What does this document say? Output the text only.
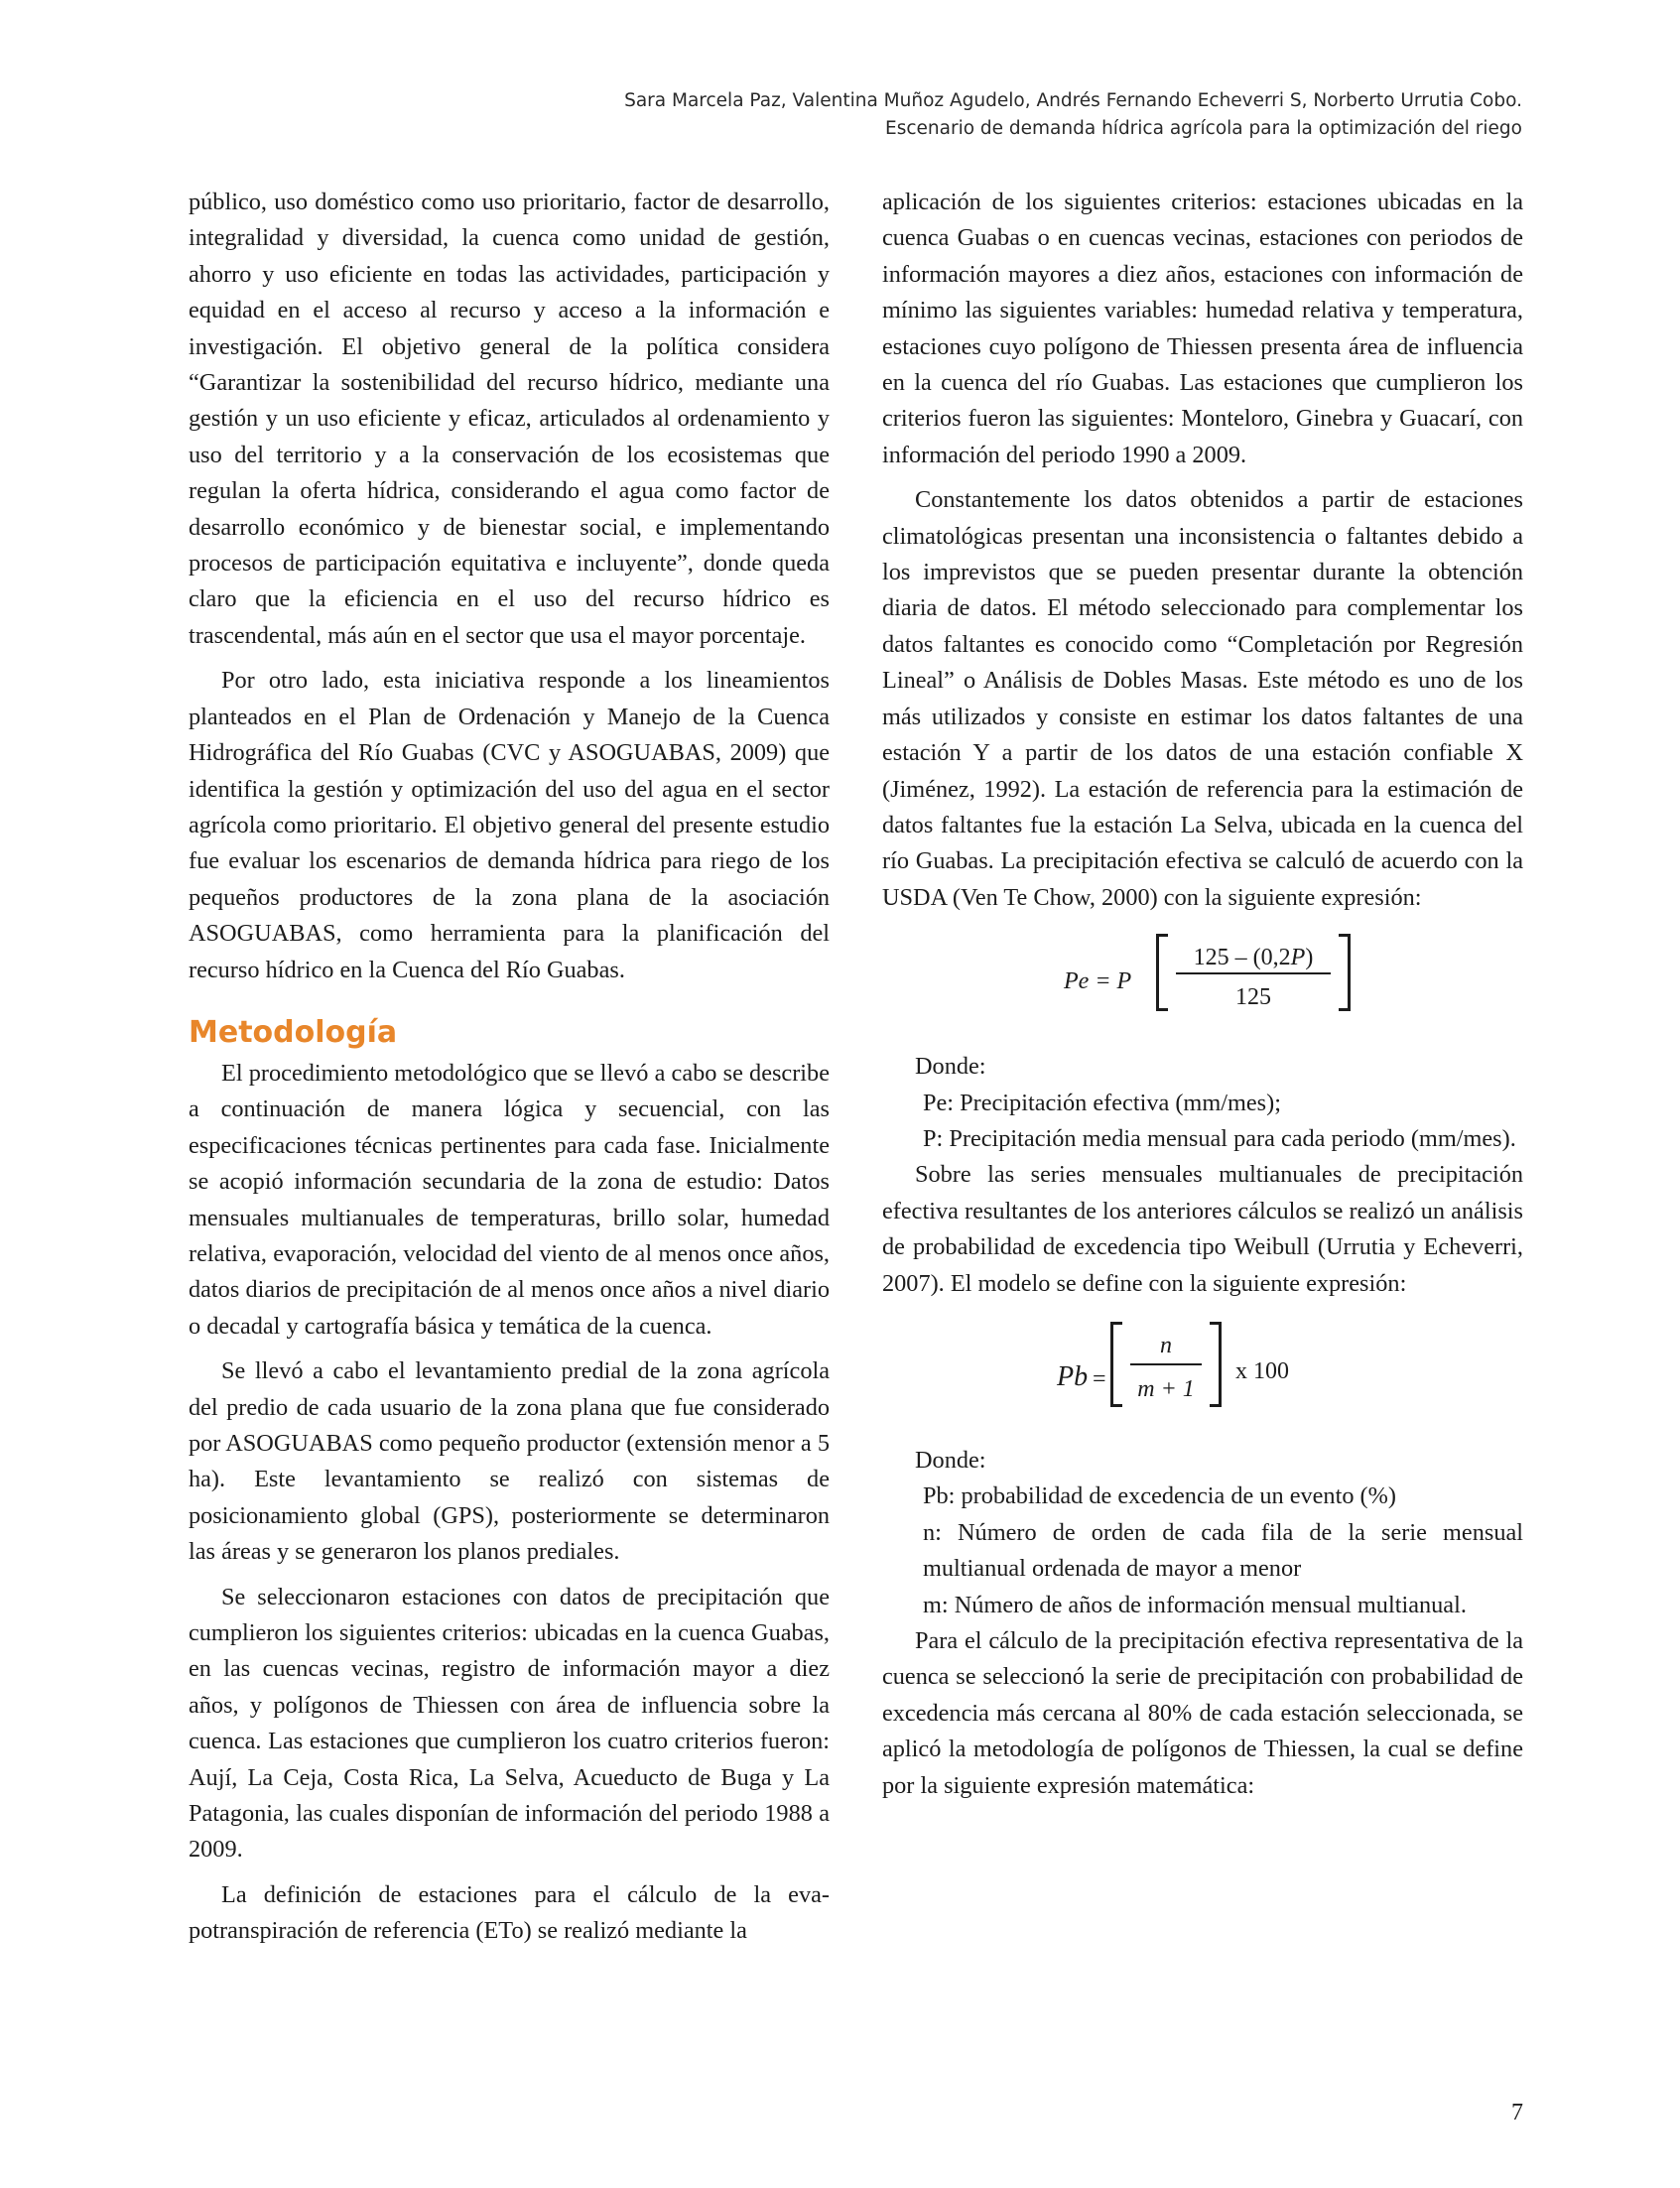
Sara Marcela Paz, Valentina Muñoz Agudelo, Andrés Fernando Echeverri S, Norberto Urrutia Cobo.
Escenario de demanda hídrica agrícola para la optimización del riego

público, uso doméstico como uso prioritario, factor de desarrollo, integralidad y diversidad, la cuenca como unidad de gestión, ahorro y uso eficiente en todas las actividades, participación y equidad en el acceso al recurso y acceso a la información e investigación. El objetivo general de la política considera “Garantizar la sostenibilidad del recurso hídrico, mediante una gestión y un uso eficiente y eficaz, articulados al ordenamiento y uso del territorio y a la conservación de los ecosistemas que regulan la oferta hídrica, considerando el agua como factor de desarrollo económico y de bienestar social, e implementando procesos de participación equitativa e incluyente”, donde queda claro que la eficiencia en el uso del recurso hídrico es trascendental, más aún en el sector que usa el mayor porcentaje.

Por otro lado, esta iniciativa responde a los lineamientos planteados en el Plan de Ordenación y Manejo de la Cuenca Hidrográfica del Río Guabas (CVC y ASOGUABAS, 2009) que identifica la gestión y optimización del uso del agua en el sector agrícola como prioritario. El objetivo general del presente estudio fue evaluar los escenarios de demanda hídrica para riego de los pequeños productores de la zona plana de la asociación ASOGUABAS, como herramienta para la planificación del recurso hídrico en la Cuenca del Río Guabas.

Metodología

El procedimiento metodológico que se llevó a cabo se describe a continuación de manera lógica y secuencial, con las especificaciones técnicas pertinentes para cada fase. Inicialmente se acopió información secundaria de la zona de estudio: Datos mensuales multianuales de temperaturas, brillo solar, humedad relativa, evaporación, velocidad del viento de al menos once años, datos diarios de precipitación de al menos once años a nivel diario o decadal y cartografía básica y temática de la cuenca.

Se llevó a cabo el levantamiento predial de la zona agrícola del predio de cada usuario de la zona plana que fue considerado por ASOGUABAS como pequeño productor (extensión menor a 5 ha). Este levantamiento se realizó con sistemas de posicionamiento global (GPS), posteriormente se determinaron las áreas y se generaron los planos prediales.

Se seleccionaron estaciones con datos de precipitación que cumplieron los siguientes criterios: ubicadas en la cuenca Guabas, en las cuencas vecinas, registro de información mayor a diez años, y polígonos de Thiessen con área de influencia sobre la cuenca. Las estaciones que cumplieron los cuatro criterios fueron: Aují, La Ceja, Costa Rica, La Selva, Acueducto de Buga y La Patagonia, las cuales disponían de información del periodo 1988 a 2009.

La definición de estaciones para el cálculo de la evapotranspiración de referencia (ETo) se realizó mediante la

aplicación de los siguientes criterios: estaciones ubicadas en la cuenca Guabas o en cuencas vecinas, estaciones con periodos de información mayores a diez años, estaciones con información de mínimo las siguientes variables: humedad relativa y temperatura, estaciones cuyo polígono de Thiessen presenta área de influencia en la cuenca del río Guabas. Las estaciones que cumplieron los criterios fueron las siguientes: Monteloro, Ginebra y Guacarí, con información del periodo 1990 a 2009.

Constantemente los datos obtenidos a partir de estaciones climatológicas presentan una inconsistencia o faltantes debido a los imprevistos que se pueden presentar durante la obtención diaria de datos. El método seleccionado para complementar los datos faltantes es conocido como “Completación por Regresión Lineal” o Análisis de Dobles Masas. Este método es uno de los más utilizados y consiste en estimar los datos faltantes de una estación Y a partir de los datos de una estación confiable X (Jiménez, 1992). La estación de referencia para la estimación de datos faltantes fue la estación La Selva, ubicada en la cuenca del río Guabas. La precipitación efectiva se calculó de acuerdo con la USDA (Ven Te Chow, 2000) con la siguiente expresión:

Pe = P
125 – (0,2P)
125

Donde:

Pe: Precipitación efectiva (mm/mes);

P: Precipitación media mensual para cada periodo (mm/mes).

Sobre las series mensuales multianuales de precipitación efectiva resultantes de los anteriores cálculos se realizó un análisis de probabilidad de excedencia tipo Weibull (Urrutia y Echeverri, 2007). El modelo se define con la siguiente expresión:

Pb =
n
m + 1
x 100

Donde:

Pb: probabilidad de excedencia de un evento (%)

n: Número de orden de cada fila de la serie mensual multianual ordenada de mayor a menor

m: Número de años de información mensual multianual.

Para el cálculo de la precipitación efectiva representativa de la cuenca se seleccionó la serie de precipitación con probabilidad de excedencia más cercana al 80% de cada estación seleccionada, se aplicó la metodología de polígonos de Thiessen, la cual se define por la siguiente expresión matemática:

7
